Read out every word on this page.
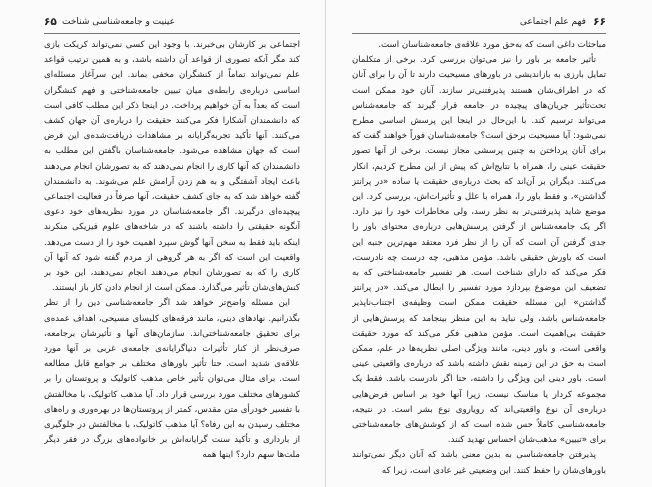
۶۵ عینیت و جامعه‌شناسی شناخت

اجتماعی بر کارشان بی‌خبرند. با وجود این کسی نمی‌تواند کریکت بازی کند مگر آنکه تصوری از قواعد آن داشته باشد، و به همین ترتیب قواعد علم نمی‌تواند تماماً از کنشگران مخفی بماند. این سرآغاز مسئله‌ای اساسی درباره‌ی رابطه‌ی میان تبیین جامعه‌شناختی و فهم کنشگران است که بعداً به آن خواهیم پرداخت. در اینجا ذکر این مطلب کافی است که دانشمندان آشکارا فکر می‌کنند حقیقت را درباره‌ی آن جهان کشف می‌کنند. آنها تأکید تجربه‌گرایانه بر مشاهدات دریافت‌شده‌ی این فرض است که جهان مشاهده می‌شود. جامعه‌شناسان باگفتن این مطلب به دانشمندان که آنها کاری را انجام نمی‌دهند که به تصورشان انجام می‌دهند باعث ایجاد آشفتگی و به هم زدن آرامش علم می‌شوند. به دانشمندان گفته خواهد شد که به جای کشف حقیقت، آنها صرفاً در فعالیت اجتماعی پیچیده‌ای درگیرند. اگر جامعه‌شناسان در مورد نظریه‌های خود دعوی آنگونه حقیقتی را داشته باشند که در شاخه‌های علوم فیزیکی منکرند اینکه باید فقط به سخن آنها گوش سپرد اهمیت خود را از دست می‌دهد. واقعیت این است که اگر به هر گروهی از مردم گفته شود که آنها آن کاری را که به تصورشان انجام می‌دهند انجام نمی‌دهند، این خود بر کنش‌های‌شان تأثیر می‌گذارد. ممکن است از انجام دادن کار باز ایستند.

این مسئله واضح‌تر خواهد شد اگر جامعه‌شناسی دین را از نظر بگذرانیم. نهادهای دینی، مانند فرقه‌های کلیسای مسیحی، اهداف عمده‌ی برای تحقیق جامعه‌شناختی‌اند. سازمان‌های آنها و تأثیرشان برجامعه، صرف‌نظر از کنار تأثیرات دنیاگرایانه‌ی جامعه‌ی غربی بر آنها مورد علاقه‌ی شدید است. حتا تأثیر باورهای مختلف بر جوامع قابل مطالعه است. برای مثال می‌توان تأثیر خاص مذهب کاتولیک و پروتستان را بر کشورهای مختلف مورد بررسی قرار داد. آیا مذهب کاتولیک، با مخالفتش با تفسیر خودرأی متن مقدس، کمتر از پروتستان‌ها در بهره‌وری و راه‌های مختلف رسیدن به این رفاه؟ آیا مذهب کاتولیک، با مخالفتش در جلوگیری از بارداری و تأکید سنت گرایانه‌اش بر خانواده‌های بزرگ در فقر دیگر ملت‌ها سهم دارد؟ اینها همه

۶۶
فهم علم اجتماعی

مباحثات داغی است که به‌حق مورد علاقه‌ی جامعه‌شناسان است.

تأثیر جامعه بر باور را نیز می‌توان بررسی کرد. برخی از متکلمان تمایل بارزی به بازاندیشی در باورهای مسیحیت دارند تا آن را برای آنان که در اطراف‌شان هستند پذیرفتنی‌تر سازند. آنان خود ممکن است تحت‌تأثیر جریان‌های پیچیده در جامعه قرار گیرند که جامعه‌شناس می‌تواند ترسیم کند. با این‌حال در اینجا این پرسش اساسی مطرح نمی‌شود: آیا مسیحیت برحق است؟ جامعه‌شناسان فوراً خواهند گفت که برای آنان پرداختن به چنین پرسشی مجاز نیست. برخی از آنها تصور حقیقت عینی را، همراه با نتایج‌اش که پیش از این مطرح کردیم، انکار می‌کنند. دیگران بر آن‌اند که بحث درباره‌ی حقیقت یا ساده «در پرانتز گذاشتن»، و فقط باور را، همراه با علل و تأثیرات‌اش، بررسی کرد. این موضع شاید پذیرفتنی‌تر به نظر رسد، ولی مخاطرات خود را نیز دارد. اگر یک جامعه‌شناس از گرفتن پرسش‌هایی درباره‌ی محتوای باور را جدی گرفتن آن است که آن را از نظر فرد معتقد مهم‌ترین جنبه این است که باورش حقیقی باشد. مؤمن مذهبی، چه درست چه نادرست، فکر می‌کند که دارای شناخت است. هر تفسیر جامعه‌شناختی که به تضعیف این موضوع بپردازد مورد تفسیر را ابطال می‌کند. «در پرانتز گذاشتن» این مسئله حقیقت ممکن است وظیفه‌ی اجتناب‌ناپذیر جامعه‌شناس باشد، ولی نباید به این منظر بینجامد که پرسش‌هایی از حقیقت بی‌اهمیت است. مؤمن مذهبی فکر می‌کند که مورد حقیقت واقعی است، و باور دینی، مانند ویژگی اصلی نظریه‌ها در علم، ممکن است به حق در این زمینه نقش داشته باشد که درباره‌ی واقعیتی عینی است. باور دینی این ویژگی را داشته، حتا اگر نادرست باشد. فقط یک مجموعه کردار یا مناسک نیست، زیرا آنها خود بر اساس فرض‌هایی درباره‌ی آن نوع واقعیتی‌اند که رویاروی نوع بشر است. در نتیجه، جامعه‌شناسی کاملاً حس شده است که از کوشش‌های جامعه‌شناختی برای «تبیین» مذهب‌شان احساس تهدید کنند.

پذیرفتن جامعه‌شناسی به بدین معنی باشد که آنان دیگر نمی‌توانند باورهای‌شان را حفظ کنند. این وضعیتی غیر عادی است، زیرا که
